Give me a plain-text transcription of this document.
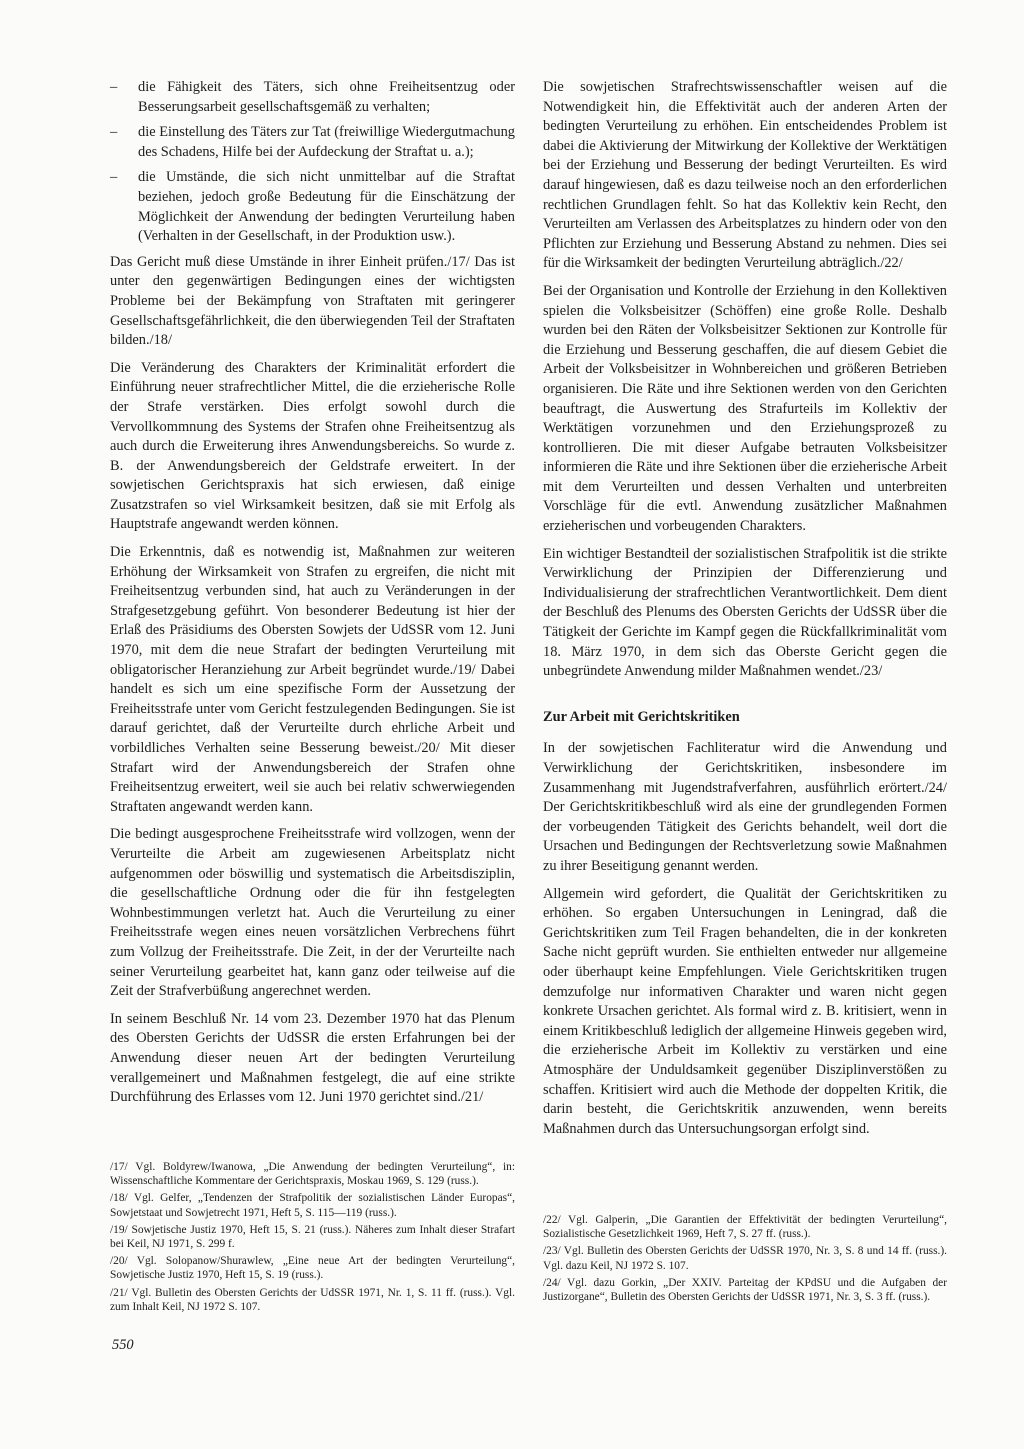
–	die Fähigkeit des Täters, sich ohne Freiheitsentzug oder Besserungsarbeit gesellschaftsgemäß zu verhalten;

–	die Einstellung des Täters zur Tat (freiwillige Wiedergutmachung des Schadens, Hilfe bei der Aufdeckung der Straftat u. a.);

–	die Umstände, die sich nicht unmittelbar auf die Straftat beziehen, jedoch große Bedeutung für die Einschätzung der Möglichkeit der Anwendung der bedingten Verurteilung haben (Verhalten in der Gesellschaft, in der Produktion usw.).

Das Gericht muß diese Umstände in ihrer Einheit prüfen./17/ Das ist unter den gegenwärtigen Bedingungen eines der wichtigsten Probleme bei der Bekämpfung von Straftaten mit geringerer Gesellschaftsgefährlichkeit, die den überwiegenden Teil der Straftaten bilden./18/

Die Veränderung des Charakters der Kriminalität erfordert die Einführung neuer strafrechtlicher Mittel, die die erzieherische Rolle der Strafe verstärken. Dies erfolgt sowohl durch die Vervollkommnung des Systems der Strafen ohne Freiheitsentzug als auch durch die Erweiterung ihres Anwendungsbereichs. So wurde z. B. der Anwendungsbereich der Geldstrafe erweitert. In der sowjetischen Gerichtspraxis hat sich erwiesen, daß einige Zusatzstrafen so viel Wirksamkeit besitzen, daß sie mit Erfolg als Hauptstrafe angewandt werden können.

Die Erkenntnis, daß es notwendig ist, Maßnahmen zur weiteren Erhöhung der Wirksamkeit von Strafen zu ergreifen, die nicht mit Freiheitsentzug verbunden sind, hat auch zu Veränderungen in der Strafgesetzgebung geführt. Von besonderer Bedeutung ist hier der Erlaß des Präsidiums des Obersten Sowjets der UdSSR vom 12. Juni 1970, mit dem die neue Strafart der bedingten Verurteilung mit obligatorischer Heranziehung zur Arbeit begründet wurde./19/ Dabei handelt es sich um eine spezifische Form der Aussetzung der Freiheitsstrafe unter vom Gericht festzulegenden Bedingungen. Sie ist darauf gerichtet, daß der Verurteilte durch ehrliche Arbeit und vorbildliches Verhalten seine Besserung beweist./20/ Mit dieser Strafart wird der Anwendungsbereich der Strafen ohne Freiheitsentzug erweitert, weil sie auch bei relativ schwerwiegenden Straftaten angewandt werden kann.

Die bedingt ausgesprochene Freiheitsstrafe wird vollzogen, wenn der Verurteilte die Arbeit am zugewiesenen Arbeitsplatz nicht aufgenommen oder böswillig und systematisch die Arbeitsdisziplin, die gesellschaftliche Ordnung oder die für ihn festgelegten Wohnbestimmungen verletzt hat. Auch die Verurteilung zu einer Freiheitsstrafe wegen eines neuen vorsätzlichen Verbrechens führt zum Vollzug der Freiheitsstrafe. Die Zeit, in der der Verurteilte nach seiner Verurteilung gearbeitet hat, kann ganz oder teilweise auf die Zeit der Strafverbüßung angerechnet werden.

In seinem Beschluß Nr. 14 vom 23. Dezember 1970 hat das Plenum des Obersten Gerichts der UdSSR die ersten Erfahrungen bei der Anwendung dieser neuen Art der bedingten Verurteilung verallgemeinert und Maßnahmen festgelegt, die auf eine strikte Durchführung des Erlasses vom 12. Juni 1970 gerichtet sind./21/

/17/ Vgl. Boldyrew/Iwanowa, „Die Anwendung der bedingten Verurteilung“, in: Wissenschaftliche Kommentare der Gerichtspraxis, Moskau 1969, S. 129 (russ.).

/18/ Vgl. Gelfer, „Tendenzen der Strafpolitik der sozialistischen Länder Europas“, Sowjetstaat und Sowjetrecht 1971, Heft 5, S. 115—119 (russ.).

/19/ Sowjetische Justiz 1970, Heft 15, S. 21 (russ.). Näheres zum Inhalt dieser Strafart bei Keil, NJ 1971, S. 299 f.

/20/ Vgl. Solopanow/Shurawlew, „Eine neue Art der bedingten Verurteilung“, Sowjetische Justiz 1970, Heft 15, S. 19 (russ.).

/21/ Vgl. Bulletin des Obersten Gerichts der UdSSR 1971, Nr. 1, S. 11 ff. (russ.). Vgl. zum Inhalt Keil, NJ 1972 S. 107.

Die sowjetischen Strafrechtswissenschaftler weisen auf die Notwendigkeit hin, die Effektivität auch der anderen Arten der bedingten Verurteilung zu erhöhen. Ein entscheidendes Problem ist dabei die Aktivierung der Mitwirkung der Kollektive der Werktätigen bei der Erziehung und Besserung der bedingt Verurteilten. Es wird darauf hingewiesen, daß es dazu teilweise noch an den erforderlichen rechtlichen Grundlagen fehlt. So hat das Kollektiv kein Recht, den Verurteilten am Verlassen des Arbeitsplatzes zu hindern oder von den Pflichten zur Erziehung und Besserung Abstand zu nehmen. Dies sei für die Wirksamkeit der bedingten Verurteilung abträglich./22/

Bei der Organisation und Kontrolle der Erziehung in den Kollektiven spielen die Volksbeisitzer (Schöffen) eine große Rolle. Deshalb wurden bei den Räten der Volksbeisitzer Sektionen zur Kontrolle für die Erziehung und Besserung geschaffen, die auf diesem Gebiet die Arbeit der Volksbeisitzer in Wohnbereichen und größeren Betrieben organisieren. Die Räte und ihre Sektionen werden von den Gerichten beauftragt, die Auswertung des Strafurteils im Kollektiv der Werktätigen vorzunehmen und den Erziehungsprozeß zu kontrollieren. Die mit dieser Aufgabe betrauten Volksbeisitzer informieren die Räte und ihre Sektionen über die erzieherische Arbeit mit dem Verurteilten und dessen Verhalten und unterbreiten Vorschläge für die evtl. Anwendung zusätzlicher Maßnahmen erzieherischen und vorbeugenden Charakters.

Ein wichtiger Bestandteil der sozialistischen Strafpolitik ist die strikte Verwirklichung der Prinzipien der Differenzierung und Individualisierung der strafrechtlichen Verantwortlichkeit. Dem dient der Beschluß des Plenums des Obersten Gerichts der UdSSR über die Tätigkeit der Gerichte im Kampf gegen die Rückfallkriminalität vom 18. März 1970, in dem sich das Oberste Gericht gegen die unbegründete Anwendung milder Maßnahmen wendet./23/

Zur Arbeit mit Gerichtskritiken

In der sowjetischen Fachliteratur wird die Anwendung und Verwirklichung der Gerichtskritiken, insbesondere im Zusammenhang mit Jugendstrafverfahren, ausführlich erörtert./24/ Der Gerichtskritikbeschluß wird als eine der grundlegenden Formen der vorbeugenden Tätigkeit des Gerichts behandelt, weil dort die Ursachen und Bedingungen der Rechtsverletzung sowie Maßnahmen zu ihrer Beseitigung genannt werden.

Allgemein wird gefordert, die Qualität der Gerichtskritiken zu erhöhen. So ergaben Untersuchungen in Leningrad, daß die Gerichtskritiken zum Teil Fragen behandelten, die in der konkreten Sache nicht geprüft wurden. Sie enthielten entweder nur allgemeine oder überhaupt keine Empfehlungen. Viele Gerichtskritiken trugen demzufolge nur informativen Charakter und waren nicht gegen konkrete Ursachen gerichtet. Als formal wird z. B. kritisiert, wenn in einem Kritikbeschluß lediglich der allgemeine Hinweis gegeben wird, die erzieherische Arbeit im Kollektiv zu verstärken und eine Atmosphäre der Unduldsamkeit gegenüber Disziplinverstößen zu schaffen. Kritisiert wird auch die Methode der doppelten Kritik, die darin besteht, die Gerichtskritik anzuwenden, wenn bereits Maßnahmen durch das Untersuchungsorgan erfolgt sind.

/22/ Vgl. Galperin, „Die Garantien der Effektivität der bedingten Verurteilung“, Sozialistische Gesetzlichkeit 1969, Heft 7, S. 27 ff. (russ.).

/23/ Vgl. Bulletin des Obersten Gerichts der UdSSR 1970, Nr. 3, S. 8 und 14 ff. (russ.). Vgl. dazu Keil, NJ 1972 S. 107.

/24/ Vgl. dazu Gorkin, „Der XXIV. Parteitag der KPdSU und die Aufgaben der Justizorgane“, Bulletin des Obersten Gerichts der UdSSR 1971, Nr. 3, S. 3 ff. (russ.).

550
